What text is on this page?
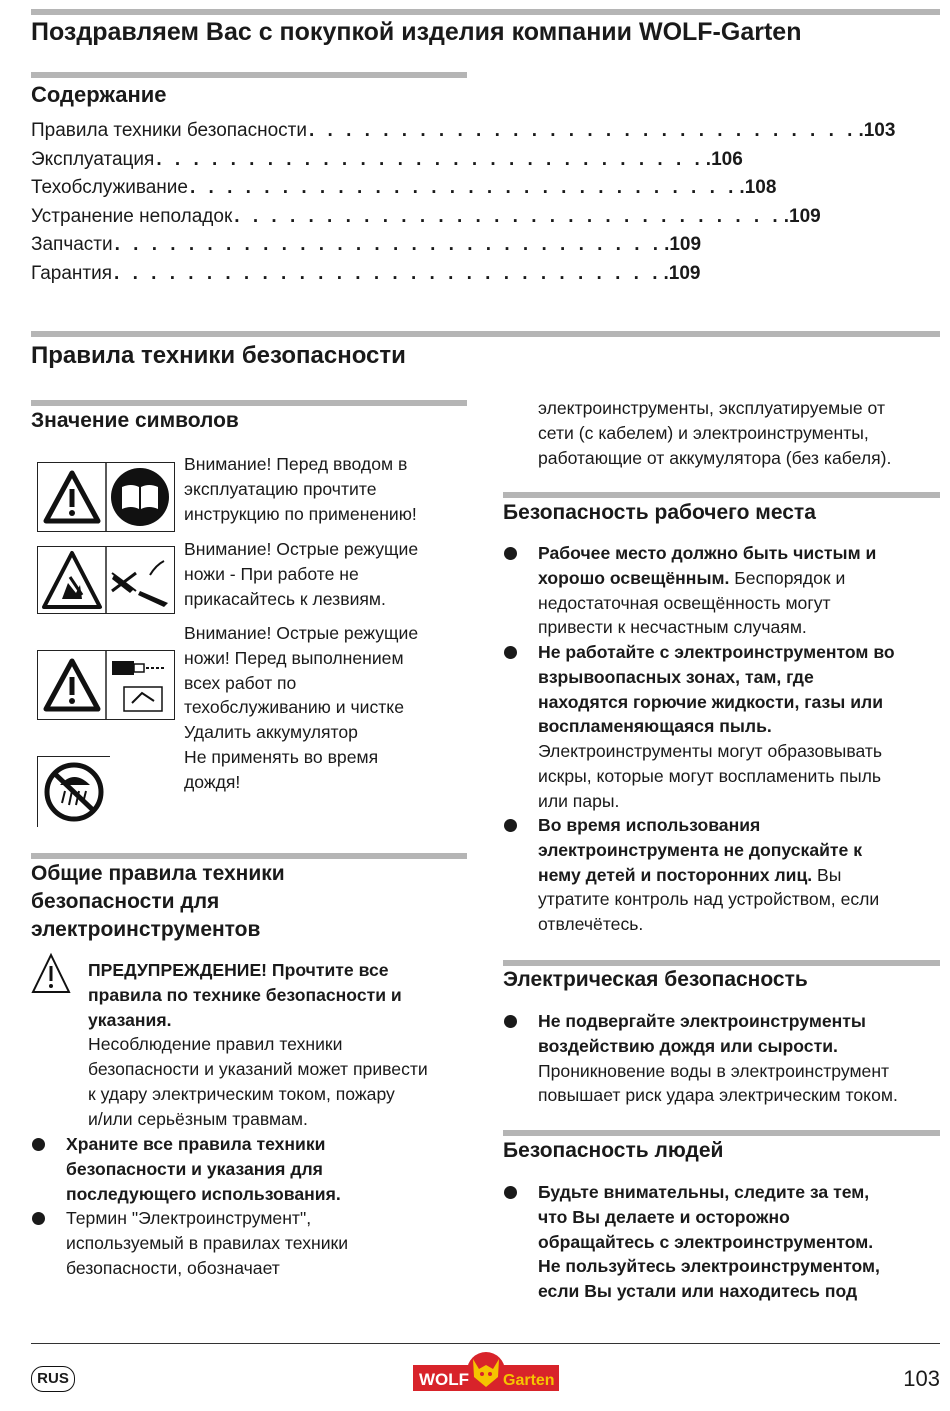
Поздравляем Вас с покупкой изделия компании WOLF-Garten
Содержание
Правила техники безопасности . . . . . . . . . . . . . . . . . . . . . . . . . . . . . . .103
Эксплуатация . . . . . . . . . . . . . . . . . . . . . . . . . . . . . . .106
Техобслуживание . . . . . . . . . . . . . . . . . . . . . . . . . . . . . . .108
Устранение неполадок . . . . . . . . . . . . . . . . . . . . . . . . . . . . . . .109
Запчасти . . . . . . . . . . . . . . . . . . . . . . . . . . . . . . .109
Гарантия . . . . . . . . . . . . . . . . . . . . . . . . . . . . . . .109
Правила техники безопасности
Значение символов
Внимание! Перед вводом в
эксплуатацию прочтите
инструкцию по применению!
Внимание! Острые режущие
ножи - При работе не
прикасайтесь к лезвиям.
Внимание! Острые режущие
ножи! Перед выполнением
всех работ по
техобслуживанию и чистке
Удалить аккумулятор
Не применять во время
дождя!
Общие правила техники
безопасности для
электроинструментов
ПРЕДУПРЕЖДЕНИЕ! Прочтите все
правила по технике безопасности и
указания.
Несоблюдение правил техники
безопасности и указаний может привести
к удару электрическим током, пожару
и/или серьёзным травмам.
Храните все правила техники
безопасности и указания для
последующего использования.
Термин "Электроинструмент",
используемый в правилах техники
безопасности, обозначает
электроинструменты, эксплуатируемые от
сети (с кабелем) и электроинструменты,
работающие от аккумулятора (без кабеля).
Безопасность рабочего места
Рабочее место должно быть чистым и
хорошо освещённым. Беспорядок и
недостаточная освещённость могут
привести к несчастным случаям.
Не работайте с электроинструментом во
взрывоопасных зонах, там, где
находятся горючие жидкости, газы или
воспламеняющаяся пыль.
Электроинструменты могут образовывать
искры, которые могут воспламенить пыль
или пары.
Во время использования
электроинструмента не допускайте к
нему детей и посторонних лиц. Вы
утратите контроль над устройством, если
отвлечётесь.
Электрическая безопасность
Не подвергайте электроинструменты
воздействию дождя или сырости.
Проникновение воды в электроинструмент
повышает риск удара электрическим током.
Безопасность людей
Будьте внимательны, следите за тем,
что Вы делаете и осторожно
обращайтесь с электроинструментом.
Не пользуйтесь электроинструментом,
если Вы устали или находитесь под
RUS	WOLF Garten	103
